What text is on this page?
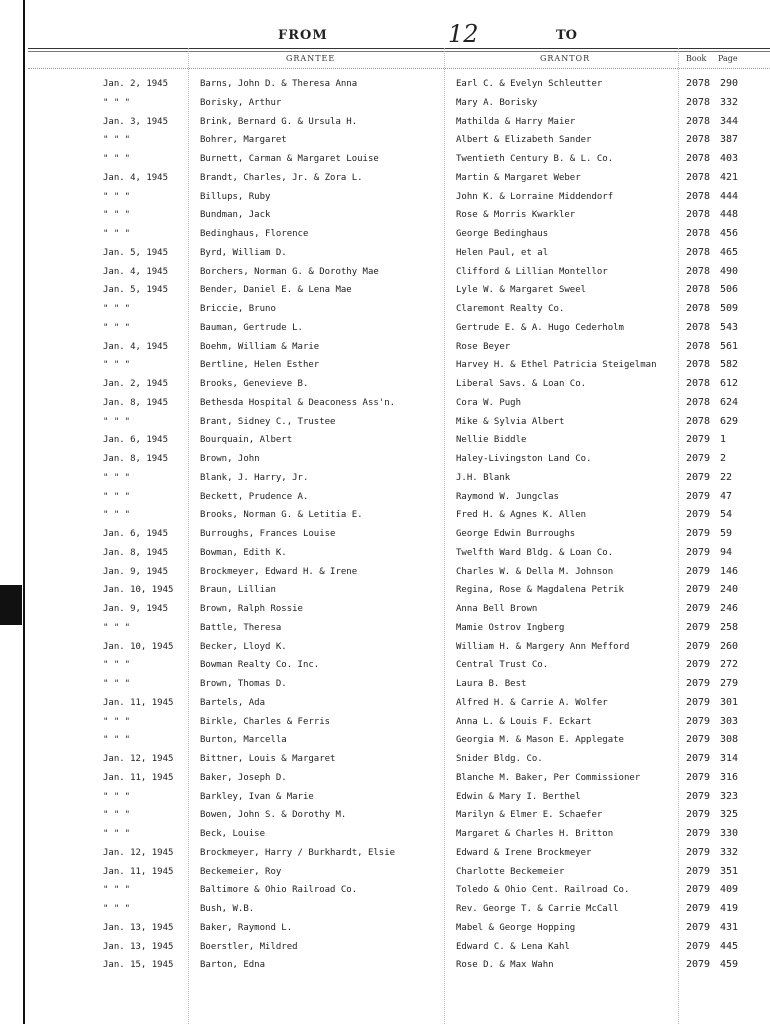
FROM	12	TO
GRANTEE	GRANTOR	Book Page
Jan. 2, 1945	Barns, John D. & Theresa Anna	Earl C. & Evelyn Schleutter	2078 290
" " "	Borisky, Arthur	Mary A. Borisky	2078 332
Jan. 3, 1945	Brink, Bernard G. & Ursula H.	Mathilda & Harry Maier	2078 344
" " "	Bohrer, Margaret	Albert & Elizabeth Sander	2078 387
" " "	Burnett, Carman & Margaret Louise	Twentieth Century B. & L. Co.	2078 403
Jan. 4, 1945	Brandt, Charles, Jr. & Zora L.	Martin & Margaret Weber	2078 421
" " "	Billups, Ruby	John K. & Lorraine Middendorf	2078 444
" " "	Bundman, Jack	Rose & Morris Kwarkler	2078 448
" " "	Bedinghaus, Florence	George Bedinghaus	2078 456
Jan. 5, 1945	Byrd, William D.	Helen Paul, et al	2078 465
Jan. 4, 1945	Borchers, Norman G. & Dorothy Mae	Clifford & Lillian Montellor	2078 490
Jan. 5, 1945	Bender, Daniel E. & Lena Mae	Lyle W. & Margaret Sweel	2078 506
" " "	Briccie, Bruno	Claremont Realty Co.	2078 509
" " "	Bauman, Gertrude L.	Gertrude E. & A. Hugo Cederholm	2078 543
Jan. 4, 1945	Boehm, William & Marie	Rose Beyer	2078 561
" " "	Bertline, Helen Esther	Harvey H. & Ethel Patricia Steigelman	2078 582
Jan. 2, 1945	Brooks, Genevieve B.	Liberal Savs. & Loan Co.	2078 612
Jan. 8, 1945	Bethesda Hospital & Deaconess Ass'n.	Cora W. Pugh	2078 624
" " "	Brant, Sidney C., Trustee	Mike & Sylvia Albert	2078 629
Jan. 6, 1945	Bourquain, Albert	Nellie Biddle	2079 1
Jan. 8, 1945	Brown, John	Haley-Livingston Land Co.	2079 2
" " "	Blank, J. Harry, Jr.	J.H. Blank	2079 22
" " "	Beckett, Prudence A.	Raymond W. Jungclas	2079 47
" " "	Brooks, Norman G. & Letitia E.	Fred H. & Agnes K. Allen	2079 54
Jan. 6, 1945	Burroughs, Frances Louise	George Edwin Burroughs	2079 59
Jan. 8, 1945	Bowman, Edith K.	Twelfth Ward Bldg. & Loan Co.	2079 94
Jan. 9, 1945	Brockmeyer, Edward H. & Irene	Charles W. & Della M. Johnson	2079 146
Jan. 10, 1945	Braun, Lillian	Regina, Rose & Magdalena Petrik	2079 240
Jan. 9, 1945	Brown, Ralph Rossie	Anna Bell Brown	2079 246
" " "	Battle, Theresa	Mamie Ostrov Ingberg	2079 258
Jan. 10, 1945	Becker, Lloyd K.	William H. & Margery Ann Mefford	2079 260
" " "	Bowman Realty Co. Inc.	Central Trust Co.	2079 272
" " "	Brown, Thomas D.	Laura B. Best	2079 279
Jan. 11, 1945	Bartels, Ada	Alfred H. & Carrie A. Wolfer	2079 301
" " "	Birkle, Charles & Ferris	Anna L. & Louis F. Eckart	2079 303
" " "	Burton, Marcella	Georgia M. & Mason E. Applegate	2079 308
Jan. 12, 1945	Bittner, Louis & Margaret	Snider Bldg. Co.	2079 314
Jan. 11, 1945	Baker, Joseph D.	Blanche M. Baker, Per Commissioner	2079 316
" " "	Barkley, Ivan & Marie	Edwin & Mary I. Berthel	2079 323
" " "	Bowen, John S. & Dorothy M.	Marilyn & Elmer E. Schaefer	2079 325
" " "	Beck, Louise	Margaret & Charles H. Britton	2079 330
Jan. 12, 1945	Brockmeyer, Harry / Burkhardt, Elsie	Edward & Irene Brockmeyer	2079 332
Jan. 11, 1945	Beckemeier, Roy	Charlotte Beckemeier	2079 351
" " "	Baltimore & Ohio Railroad Co.	Toledo & Ohio Cent. Railroad Co.	2079 409
" " "	Bush, W.B.	Rev. George T. & Carrie McCall	2079 419
Jan. 13, 1945	Baker, Raymond L.	Mabel & George Hopping	2079 431
Jan. 13, 1945	Boerstler, Mildred	Edward C. & Lena Kahl	2079 445
Jan. 15, 1945	Barton, Edna	Rose D. & Max Wahn	2079 459
